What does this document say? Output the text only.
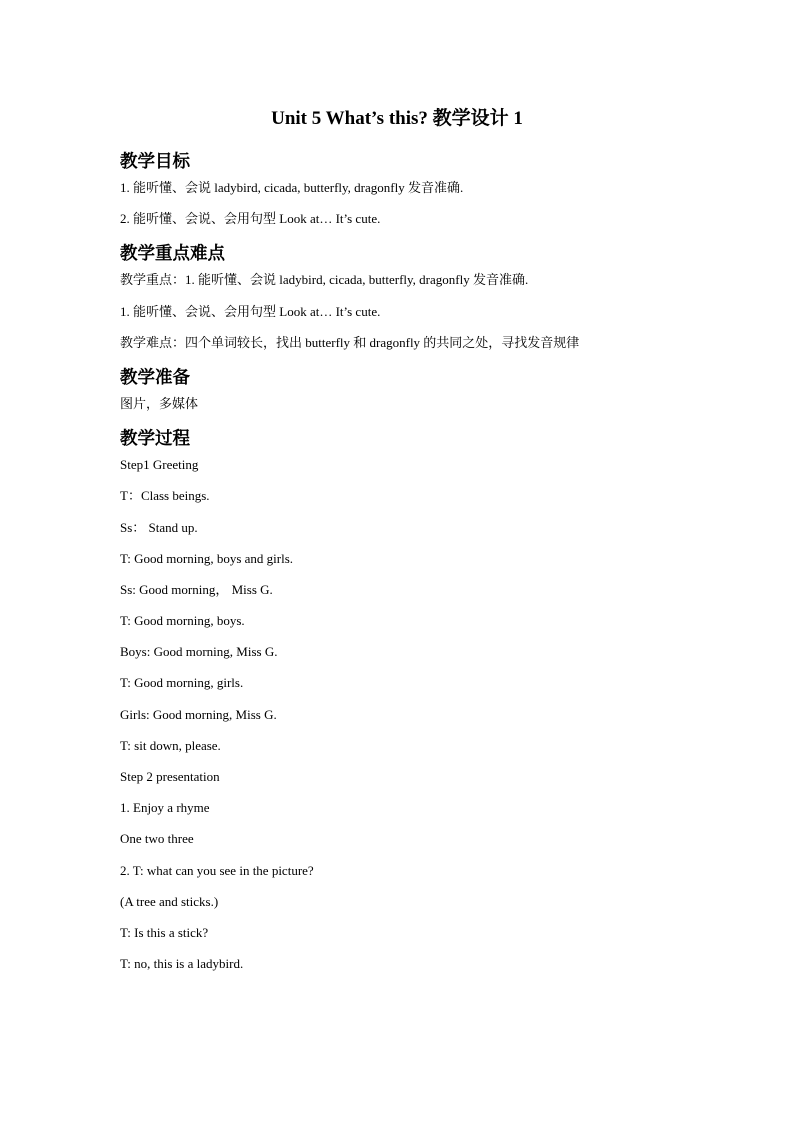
Unit 5 What’s this? 教学设计 1
教学目标

1. 能听懂、会说 ladybird, cicada, butterfly, dragonfly 发音准确.

2. 能听懂、会说、会用句型 Look at… It’s cute.

教学重点难点

教学重点：1. 能听懂、会说 ladybird, cicada, butterfly, dragonfly 发音准确.

1. 能听懂、会说、会用句型 Look at… It’s cute.

教学难点：四个单词较长，找出 butterfly 和 dragonfly 的共同之处，寻找发音规律

教学准备

图片，多媒体

教学过程

Step1 Greeting

T：Class beings.

Ss： Stand up.

T: Good morning, boys and girls.

Ss: Good morning， Miss G.

T: Good morning, boys.

Boys: Good morning, Miss G.

T: Good morning, girls.

Girls: Good morning, Miss G.

T: sit down, please.

Step 2 presentation

1. Enjoy a rhyme

One two three

2. T: what can you see in the picture?

(A tree and sticks.)

T: Is this a stick?

T: no, this is a ladybird.
